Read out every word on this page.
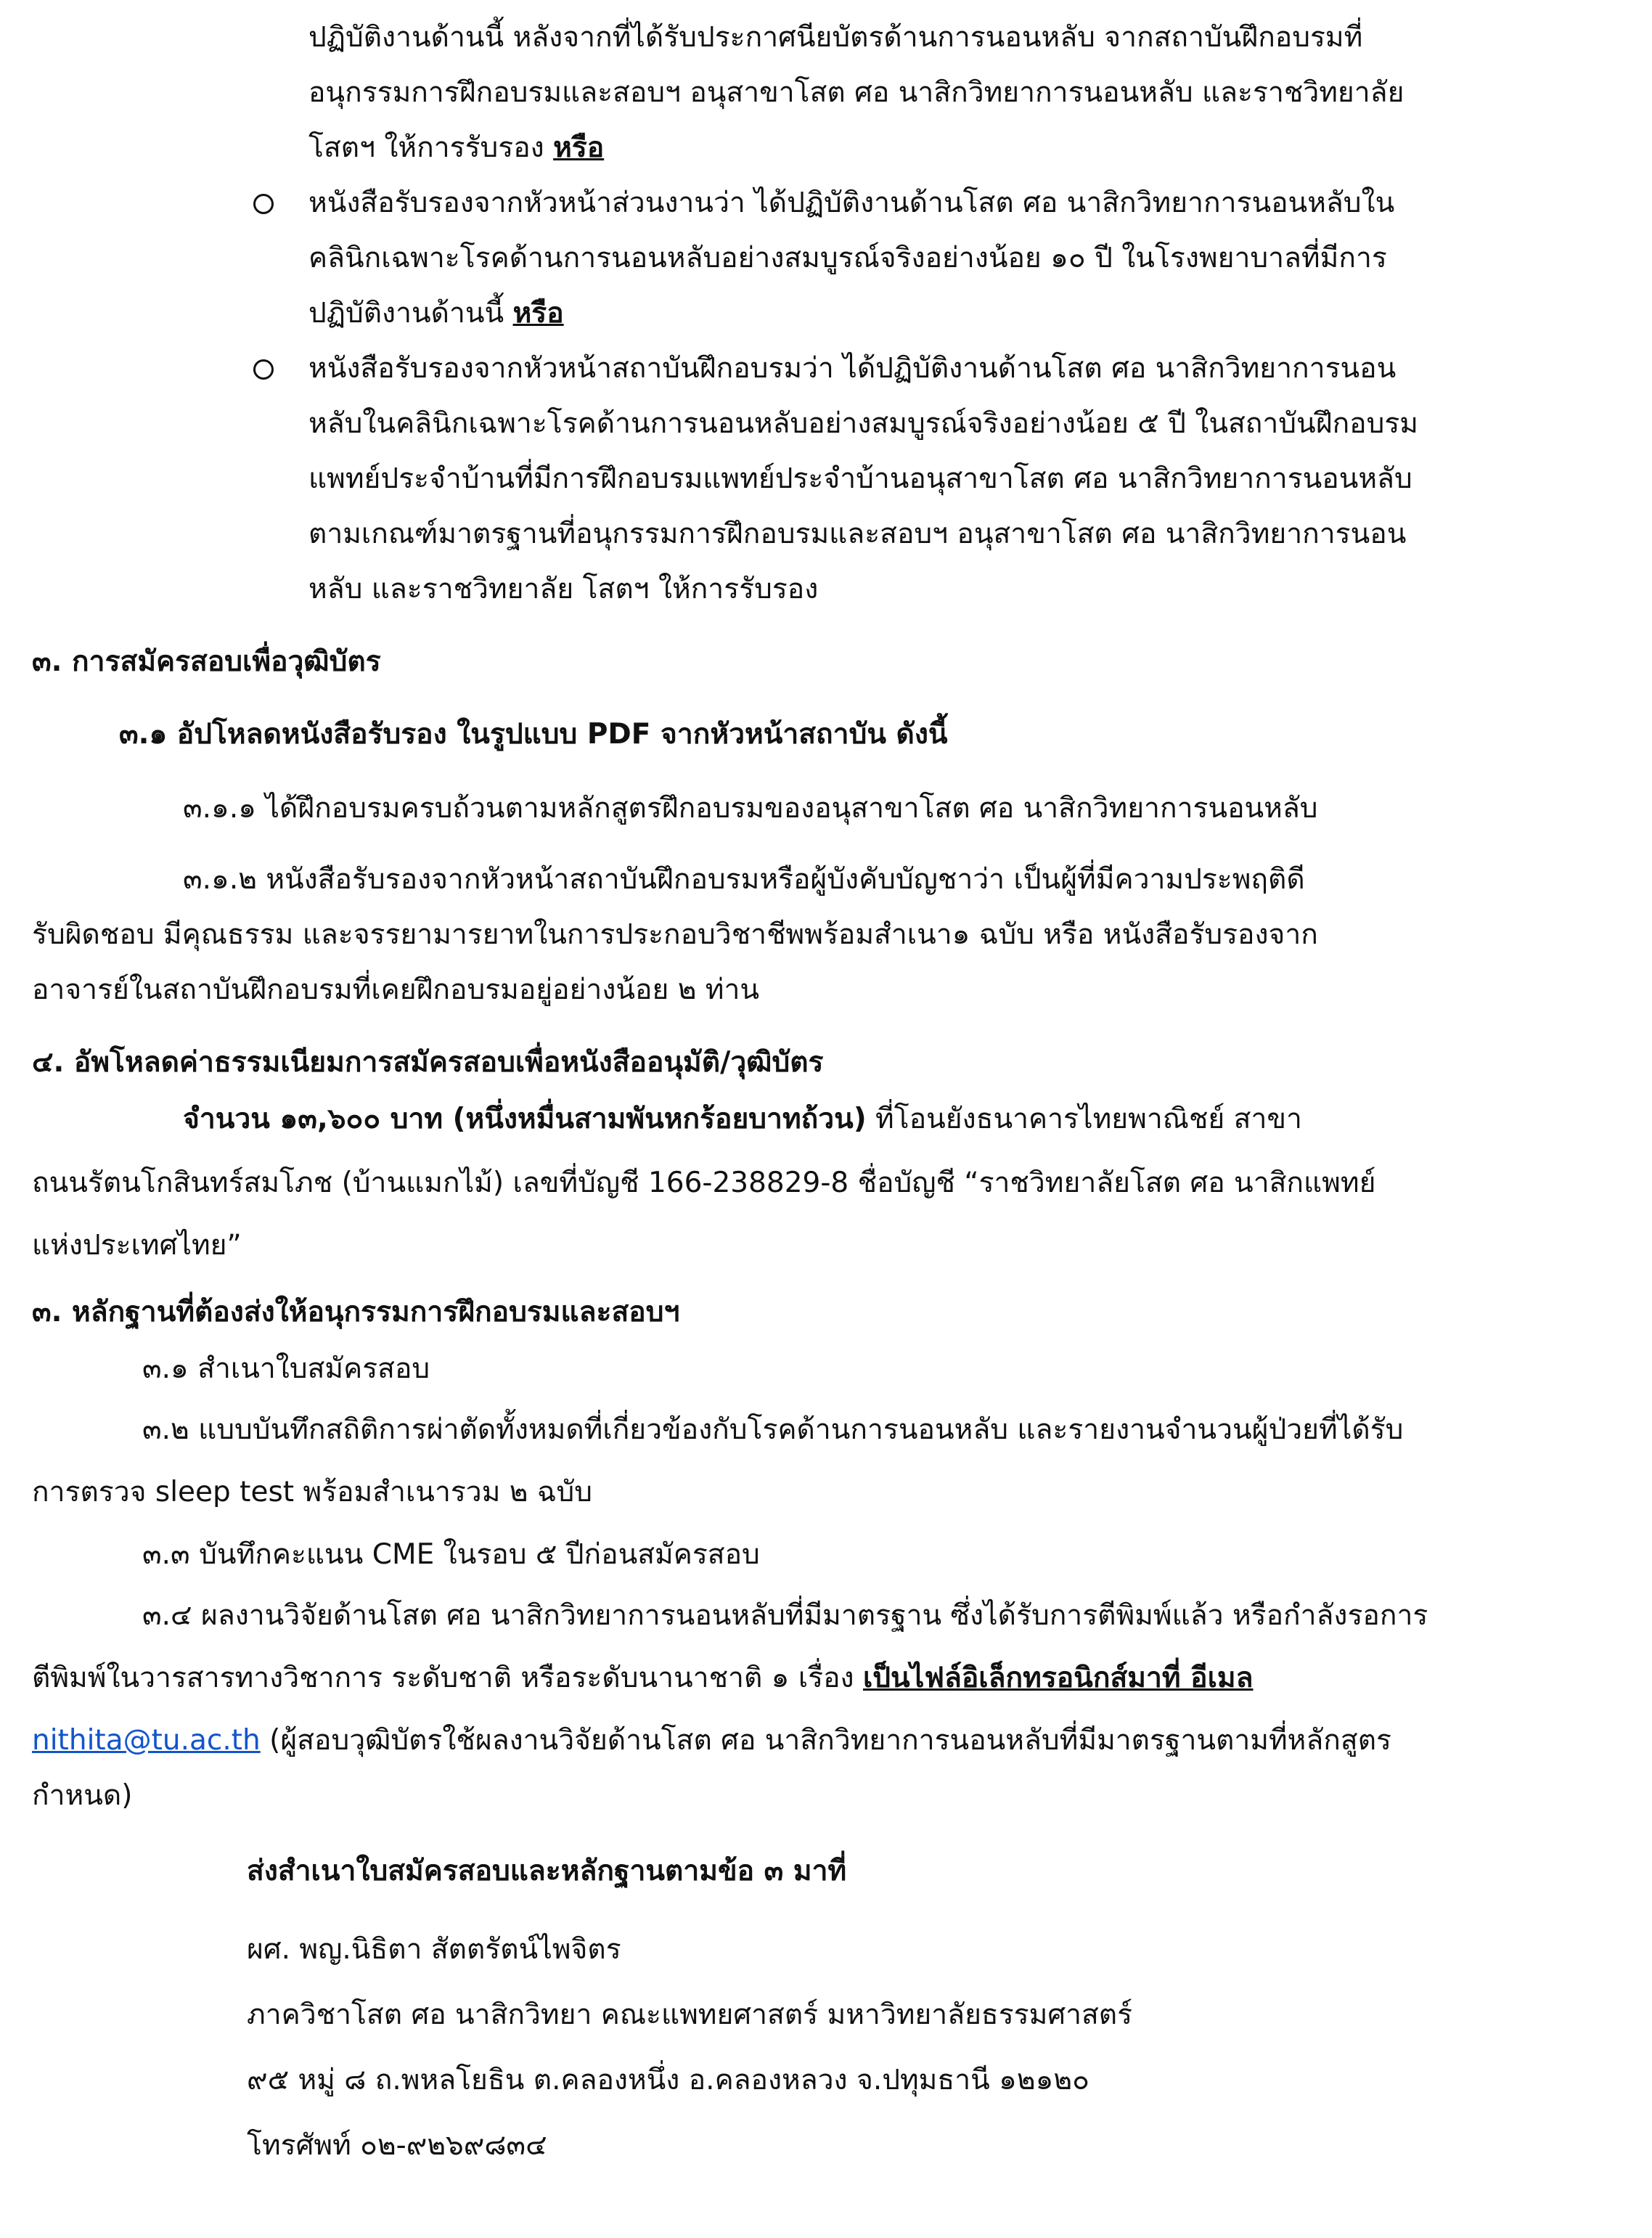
ปฏิบัติงานด้านนี้ หลังจากที่ได้รับประกาศนียบัตรด้านการนอนหลับ จากสถาบันฝึกอบรมที่
อนุกรรมการฝึกอบรมและสอบฯ อนุสาขาโสต ศอ นาสิกวิทยาการนอนหลับ และราชวิทยาลัย
โสตฯ ให้การรับรอง หรือ
หนังสือรับรองจากหัวหน้าส่วนงานว่า ได้ปฏิบัติงานด้านโสต ศอ นาสิกวิทยาการนอนหลับใน
คลินิกเฉพาะโรคด้านการนอนหลับอย่างสมบูรณ์จริงอย่างน้อย ๑๐ ปี ในโรงพยาบาลที่มีการ
ปฏิบัติงานด้านนี้ หรือ
หนังสือรับรองจากหัวหน้าสถาบันฝึกอบรมว่า ได้ปฏิบัติงานด้านโสต ศอ นาสิกวิทยาการนอน
หลับในคลินิกเฉพาะโรคด้านการนอนหลับอย่างสมบูรณ์จริงอย่างน้อย ๕ ปี ในสถาบันฝึกอบรม
แพทย์ประจำบ้านที่มีการฝึกอบรมแพทย์ประจำบ้านอนุสาขาโสต ศอ นาสิกวิทยาการนอนหลับ
ตามเกณฑ์มาตรฐานที่อนุกรรมการฝึกอบรมและสอบฯ อนุสาขาโสต ศอ นาสิกวิทยาการนอน
หลับ และราชวิทยาลัย โสตฯ ให้การรับรอง
๓. การสมัครสอบเพื่อวุฒิบัตร
๓.๑ อัปโหลดหนังสือรับรอง ในรูปแบบ PDF จากหัวหน้าสถาบัน ดังนี้
๓.๑.๑ ได้ฝึกอบรมครบถ้วนตามหลักสูตรฝึกอบรมของอนุสาขาโสต ศอ นาสิกวิทยาการนอนหลับ
๓.๑.๒ หนังสือรับรองจากหัวหน้าสถาบันฝึกอบรมหรือผู้บังคับบัญชาว่า เป็นผู้ที่มีความประพฤติดี
รับผิดชอบ มีคุณธรรม และจรรยามารยาทในการประกอบวิชาชีพพร้อมสำเนา๑ ฉบับ หรือ หนังสือรับรองจาก
อาจารย์ในสถาบันฝึกอบรมที่เคยฝึกอบรมอยู่อย่างน้อย ๒ ท่าน
๔. อัพโหลดค่าธรรมเนียมการสมัครสอบเพื่อหนังสืออนุมัติ/วุฒิบัตร
จำนวน ๑๓,๖๐๐ บาท (หนึ่งหมื่นสามพันหกร้อยบาทถ้วน) ที่โอนยังธนาคารไทยพาณิชย์ สาขา
ถนนรัตนโกสินทร์สมโภช (บ้านแมกไม้) เลขที่บัญชี 166-238829-8 ชื่อบัญชี “ราชวิทยาลัยโสต ศอ นาสิกแพทย์
แห่งประเทศไทย”
๓. หลักฐานที่ต้องส่งให้อนุกรรมการฝึกอบรมและสอบฯ
๓.๑ สำเนาใบสมัครสอบ
๓.๒ แบบบันทึกสถิติการผ่าตัดทั้งหมดที่เกี่ยวข้องกับโรคด้านการนอนหลับ และรายงานจำนวนผู้ป่วยที่ได้รับ
การตรวจ sleep test พร้อมสำเนารวม ๒ ฉบับ
๓.๓ บันทึกคะแนน CME ในรอบ ๕ ปีก่อนสมัครสอบ
๓.๔ ผลงานวิจัยด้านโสต ศอ นาสิกวิทยาการนอนหลับที่มีมาตรฐาน ซึ่งได้รับการตีพิมพ์แล้ว หรือกำลังรอการ
ตีพิมพ์ในวารสารทางวิชาการ ระดับชาติ หรือระดับนานาชาติ ๑ เรื่อง เป็นไฟล์อิเล็กทรอนิกส์มาที่ อีเมล
nithita@tu.ac.th (ผู้สอบวุฒิบัตรใช้ผลงานวิจัยด้านโสต ศอ นาสิกวิทยาการนอนหลับที่มีมาตรฐานตามที่หลักสูตร
กำหนด)
ส่งสำเนาใบสมัครสอบและหลักฐานตามข้อ ๓ มาที่
ผศ. พญ.นิธิตา สัตตรัตน์ไพจิตร
ภาควิชาโสต ศอ นาสิกวิทยา คณะแพทยศาสตร์ มหาวิทยาลัยธรรมศาสตร์
๙๕ หมู่ ๘ ถ.พหลโยธิน ต.คลองหนึ่ง อ.คลองหลวง จ.ปทุมธานี ๑๒๑๒๐
โทรศัพท์ ๐๒-๙๒๖๙๘๓๔
